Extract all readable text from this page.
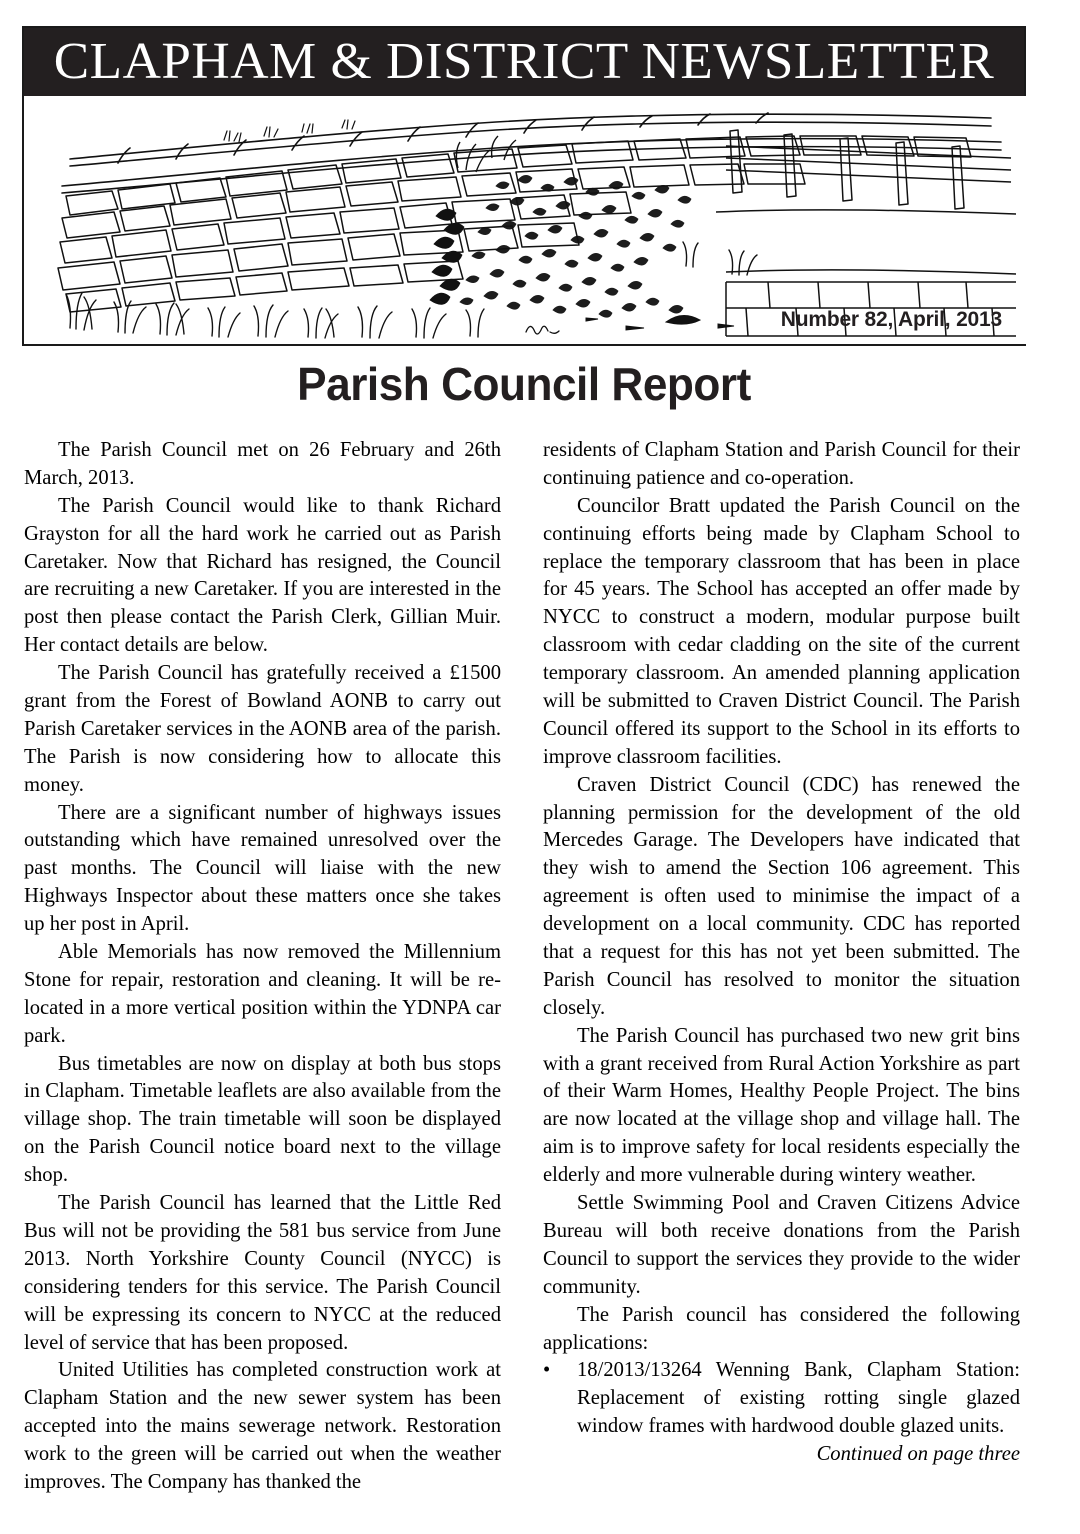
CLAPHAM & DISTRICT NEWSLETTER
Number 82, April, 2013
Parish Council Report

The Parish Council met on 26 February and 26th March, 2013.

The Parish Council would like to thank Richard Grayston for all the hard work he carried out as Parish Caretaker. Now that Richard has resigned, the Council are recruiting a new Caretaker. If you are interested in the post then please contact the Parish Clerk, Gillian Muir. Her contact details are below.

The Parish Council has gratefully received a £1500 grant from the Forest of Bowland AONB to carry out Parish Caretaker services in the AONB area of the parish. The Parish is now considering how to allocate this money.

There are a significant number of highways issues outstanding which have remained unresolved over the past months. The Council will liaise with the new Highways Inspector about these matters once she takes up her post in April.

Able Memorials has now removed the Millennium Stone for repair, restoration and cleaning. It will be re-located in a more vertical position within the YDNPA car park.

Bus timetables are now on display at both bus stops in Clapham. Timetable leaflets are also available from the village shop. The train timetable will soon be displayed on the Parish Council notice board next to the village shop.

The Parish Council has learned that the Little Red Bus will not be providing the 581 bus service from June 2013. North Yorkshire County Council (NYCC) is considering tenders for this service. The Parish Council will be expressing its concern to NYCC at the reduced level of service that has been proposed.

United Utilities has completed construction work at Clapham Station and the new sewer system has been accepted into the mains sewerage network. Restoration work to the green will be carried out when the weather improves. The Company has thanked the

residents of Clapham Station and Parish Council for their continuing patience and co-operation.

Councilor Bratt updated the Parish Council on the continuing efforts being made by Clapham School to replace the temporary classroom that has been in place for 45 years. The School has accepted an offer made by NYCC to construct a modern, modular purpose built classroom with cedar cladding on the site of the current temporary classroom. An amended planning application will be submitted to Craven District Council. The Parish Council offered its support to the School in its efforts to improve classroom facilities.

Craven District Council (CDC) has renewed the planning permission for the development of the old Mercedes Garage. The Developers have indicated that they wish to amend the Section 106 agreement. This agreement is often used to minimise the impact of a development on a local community. CDC has reported that a request for this has not yet been submitted. The Parish Council has resolved to monitor the situation closely.

The Parish Council has purchased two new grit bins with a grant received from Rural Action Yorkshire as part of their Warm Homes, Healthy People Project. The bins are now located at the village shop and village hall. The aim is to improve safety for local residents especially the elderly and more vulnerable during wintery weather.

Settle Swimming Pool and Craven Citizens Advice Bureau will both receive donations from the Parish Council to support the services they provide to the wider community.

The Parish council has considered the following applications:

•	18/2013/13264 Wenning Bank, Clapham Station: Replacement of existing rotting single glazed window frames with hardwood double glazed units.

Continued on page three
